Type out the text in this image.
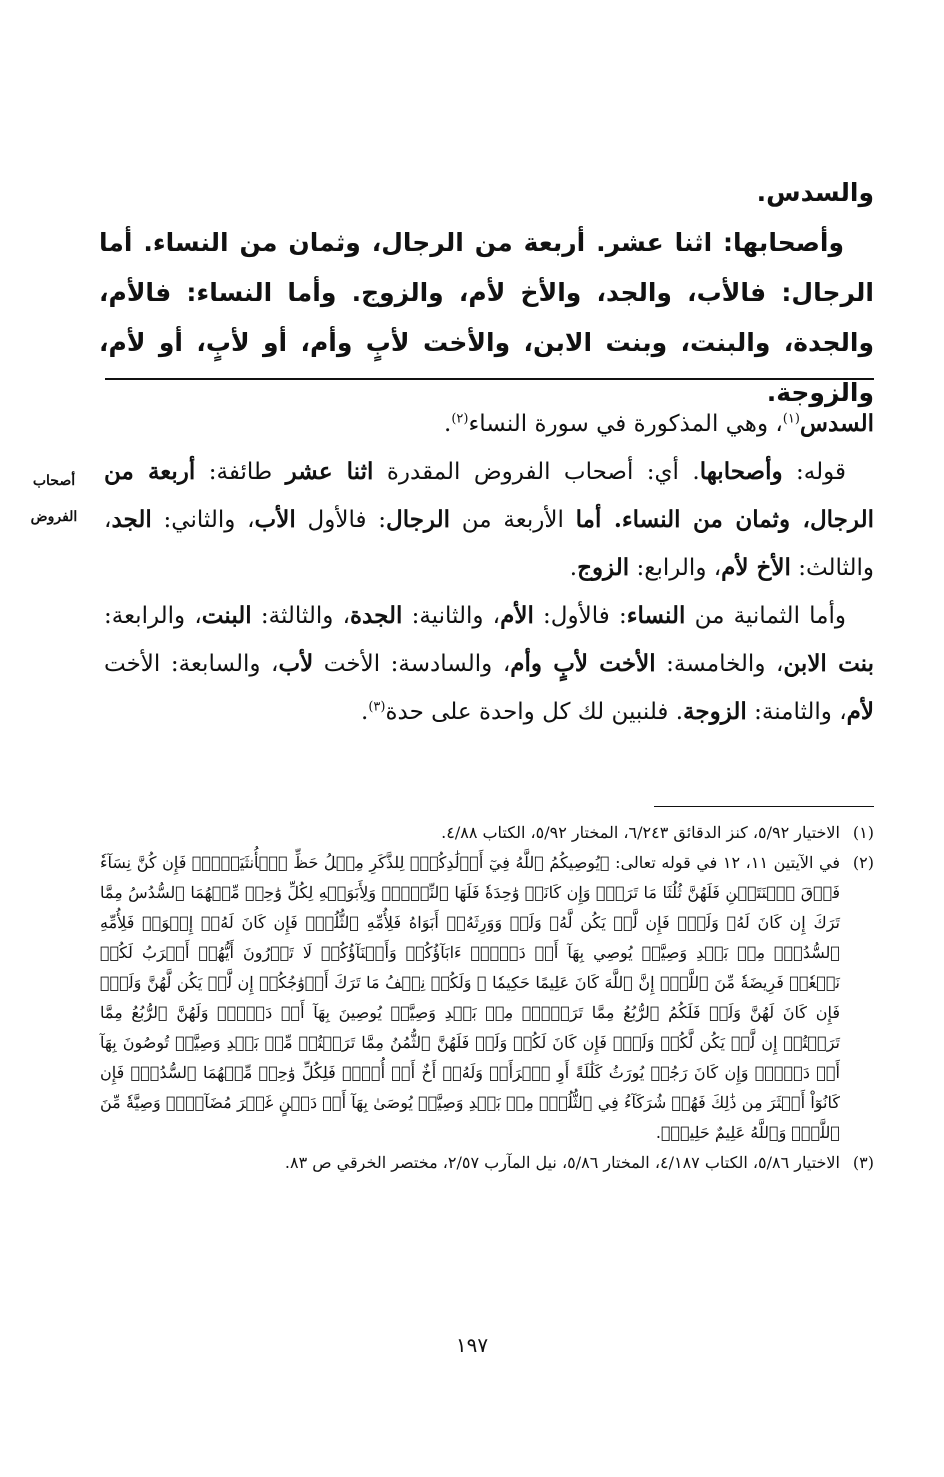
والسدس.

وأصحابها: اثنا عشر. أربعة من الرجال، وثمان من النساء. أما الرجال: فالأب، والجد، والأخ لأم، والزوج. وأما النساء: فالأم، والجدة، والبنت، وبنت الابن، والأخت لأبٍ وأم، أو لأبٍ، أو لأم، والزوجة.

السدس$^{(١)}$، وهي المذكورة في سورة النساء$^{(٢)}$.

قوله: وأصحابها. أي: أصحاب الفروض المقدرة اثنا عشر طائفة: أربعة من الرجال، وثمان من النساء. أما الأربعة من الرجال: فالأول الأب، والثاني: الجد، والثالث: الأخ لأم، والرابع: الزوج.

وأما الثمانية من النساء: فالأول: الأم، والثانية: الجدة، والثالثة: البنت، والرابعة: بنت الابن، والخامسة: الأخت لأبٍ وأم، والسادسة: الأخت لأب، والسابعة: الأخت لأم، والثامنة: الزوجة. فلنبين لك كل واحدة على حدة$^{(٣)}$.

أصحاب
الفروض
(١)
الاختيار ٥/٩٢، كنز الدقائق ٦/٢٤٣، المختار ٥/٩٢، الكتاب ٤/٨٨.
(٢)
في الآيتين ١١، ١٢ في قوله تعالى: ﴿يُوصِيكُمُ ٱللَّهُ فِيٓ أَوۡلَٰدِكُمۡۖ لِلذَّكَرِ مِثۡلُ حَظِّ ٱلۡأُنثَيَيۡنِۚ فَإِن كُنَّ نِسَآءٗ فَوۡقَ ٱثۡنَتَيۡنِ فَلَهُنَّ ثُلُثَا مَا تَرَكَۖ وَإِن كَانَتۡ وَٰحِدَةٗ فَلَهَا ٱلنِّصۡفُۚ وَلِأَبَوَيۡهِ لِكُلِّ وَٰحِدٖ مِّنۡهُمَا ٱلسُّدُسُ مِمَّا تَرَكَ إِن كَانَ لَهُۥ وَلَدٞۚ فَإِن لَّمۡ يَكُن لَّهُۥ وَلَدٞ وَوَرِثَهُۥٓ أَبَوَاهُ فَلِأُمِّهِ ٱلثُّلُثُۚ فَإِن كَانَ لَهُۥٓ إِخۡوَةٞ فَلِأُمِّهِ ٱلسُّدُسُۚ مِنۢ بَعۡدِ وَصِيَّةٖ يُوصِي بِهَآ أَوۡ دَيۡنٍۗ ءَابَآؤُكُمۡ وَأَبۡنَآؤُكُمۡ لَا تَدۡرُونَ أَيُّهُمۡ أَقۡرَبُ لَكُمۡ نَفۡعٗاۚ فَرِيضَةٗ مِّنَ ٱللَّهِۗ إِنَّ ٱللَّهَ كَانَ عَلِيمًا حَكِيمٗا ۞ وَلَكُمۡ نِصۡفُ مَا تَرَكَ أَزۡوَٰجُكُمۡ إِن لَّمۡ يَكُن لَّهُنَّ وَلَدٞۚ فَإِن كَانَ لَهُنَّ وَلَدٞ فَلَكُمُ ٱلرُّبُعُ مِمَّا تَرَكۡنَۚ مِنۢ بَعۡدِ وَصِيَّةٖ يُوصِينَ بِهَآ أَوۡ دَيۡنٖۚ وَلَهُنَّ ٱلرُّبُعُ مِمَّا تَرَكۡتُمۡ إِن لَّمۡ يَكُن لَّكُمۡ وَلَدٞۚ فَإِن كَانَ لَكُمۡ وَلَدٞ فَلَهُنَّ ٱلثُّمُنُ مِمَّا تَرَكۡتُمۚ مِّنۢ بَعۡدِ وَصِيَّةٖ تُوصُونَ بِهَآ أَوۡ دَيۡنٖۗ وَإِن كَانَ رَجُلٞ يُورَثُ كَلَٰلَةً أَوِ ٱمۡرَأَةٞ وَلَهُۥٓ أَخٌ أَوۡ أُخۡتٞ فَلِكُلِّ وَٰحِدٖ مِّنۡهُمَا ٱلسُّدُسُۚ فَإِن كَانُوٓاْ أَكۡثَرَ مِن ذَٰلِكَ فَهُمۡ شُرَكَآءُ فِي ٱلثُّلُثِۚ مِنۢ بَعۡدِ وَصِيَّةٖ يُوصَىٰ بِهَآ أَوۡ دَيۡنٍ غَيۡرَ مُضَآرّٖۚ وَصِيَّةٗ مِّنَ ٱللَّهِۗ وَٱللَّهُ عَلِيمٌ حَلِيمٞ﴾.
(٣)
الاختيار ٥/٨٦، الكتاب ٤/١٨٧، المختار ٥/٨٦، نيل المآرب ٢/٥٧، مختصر الخرقي ص ٨٣.
١٩٧
